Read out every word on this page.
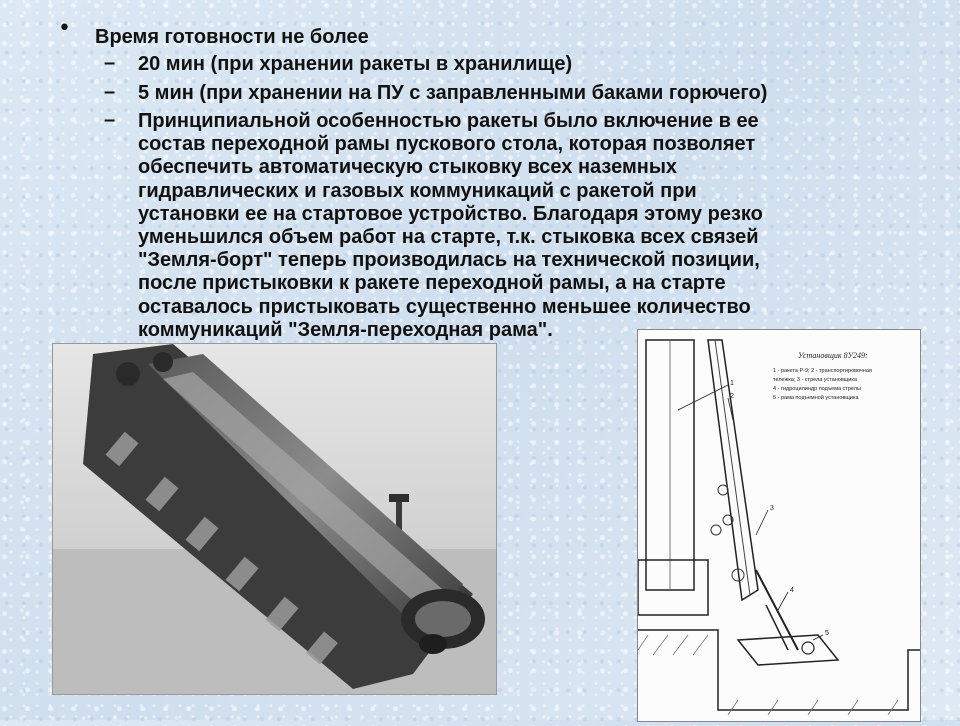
• Время готовности не более

– 20 мин (при хранении ракеты в хранилище)

– 5 мин (при хранении на ПУ с заправленными баками горючего)

– Принципиальной особенностью ракеты было включение в ее
состав переходной рамы пускового стола, которая позволяет
обеспечить автоматическую стыковку всех наземных
гидравлических и газовых коммуникаций с ракетой при
установки ее на стартовое устройство. Благодаря этому резко
уменьшился объем работ на старте, т.к. стыковка всех связей
"Земля-борт" теперь производилась на технической позиции,
после пристыковки к ракете переходной рамы, а на старте
оставалось пристыковать существенно меньшее количество
коммуникаций "Земля-переходная рама".

1
2
3
4
5
Установщик 8У249:
1 - ракета Р-9; 2 - транспортировочная
тележка; 3 - стрела установщика
4 - гидроцилиндр подъема стрелы
5 - рама подъемной установщика
